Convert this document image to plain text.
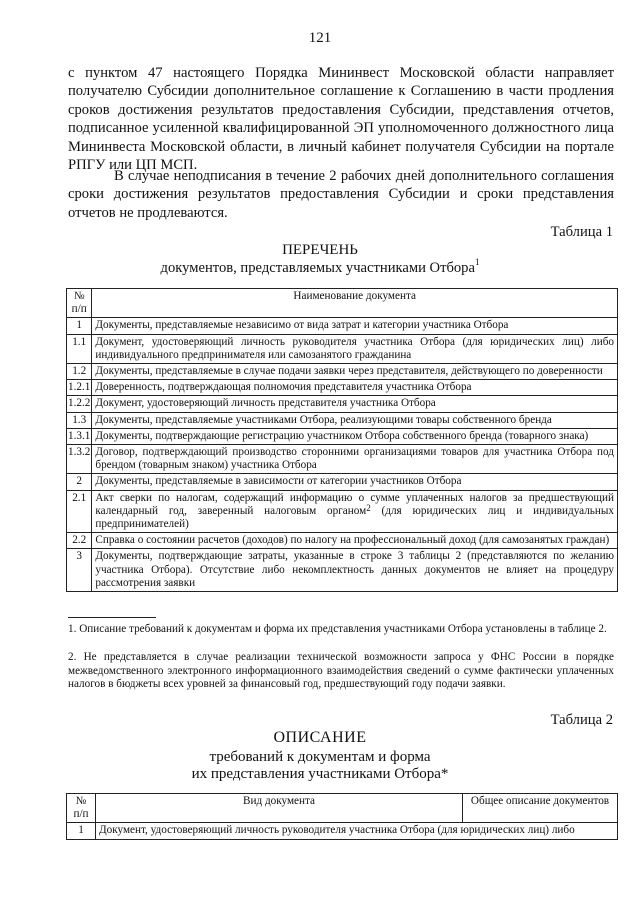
121
с пунктом 47 настоящего Порядка Мининвест Московской области направляет получателю Субсидии дополнительное соглашение к Соглашению в части продления сроков достижения результатов предоставления Субсидии, представления отчетов, подписанное усиленной квалифицированной ЭП уполномоченного должностного лица Мининвеста Московской области, в личный кабинет получателя Субсидии на портале РПГУ или ЦП МСП.
В случае неподписания в течение 2 рабочих дней дополнительного соглашения сроки достижения результатов предоставления Субсидии и сроки представления отчетов не продлеваются.
Таблица 1
ПЕРЕЧЕНЬ
документов, представляемых участниками Отбора$^1$
№ п/п	Наименование документа
1	Документы, представляемые независимо от вида затрат и категории участника Отбора
1.1	Документ, удостоверяющий личность руководителя участника Отбора (для юридических лиц) либо индивидуального предпринимателя или самозанятого гражданина
1.2	Документы, представляемые в случае подачи заявки через представителя, действующего по доверенности
1.2.1	Доверенность, подтверждающая полномочия представителя участника Отбора
1.2.2	Документ, удостоверяющий личность представителя участника Отбора
1.3	Документы, представляемые участниками Отбора, реализующими товары собственного бренда
1.3.1	Документы, подтверждающие регистрацию участником Отбора собственного бренда (товарного знака)
1.3.2	Договор, подтверждающий производство сторонними организациями товаров для участника Отбора под брендом (товарным знаком) участника Отбора
2	Документы, представляемые в зависимости от категории участников Отбора
2.1	Акт сверки по налогам, содержащий информацию о сумме уплаченных налогов за предшествующий календарный год, заверенный налоговым органом$^2$ (для юридических лиц и индивидуальных предпринимателей)
2.2	Справка о состоянии расчетов (доходов) по налогу на профессиональный доход (для самозанятых граждан)
3	Документы, подтверждающие затраты, указанные в строке 3 таблицы 2 (представляются по желанию участника Отбора). Отсутствие либо некомплектность данных документов не влияет на процедуру рассмотрения заявки
1. Описание требований к документам и форма их представления участниками Отбора установлены в таблице 2.
2. Не представляется в случае реализации технической возможности запроса у ФНС России в порядке межведомственного электронного информационного взаимодействия сведений о сумме фактически уплаченных налогов в бюджеты всех уровней за финансовый год, предшествующий году подачи заявки.
Таблица 2
ОПИСАНИЕ
требований к документам и форма
их представления участниками Отбора*
№ п/п	Вид документа	Общее описание документов
1	Документ, удостоверяющий личность руководителя участника Отбора (для юридических лиц) либо	
